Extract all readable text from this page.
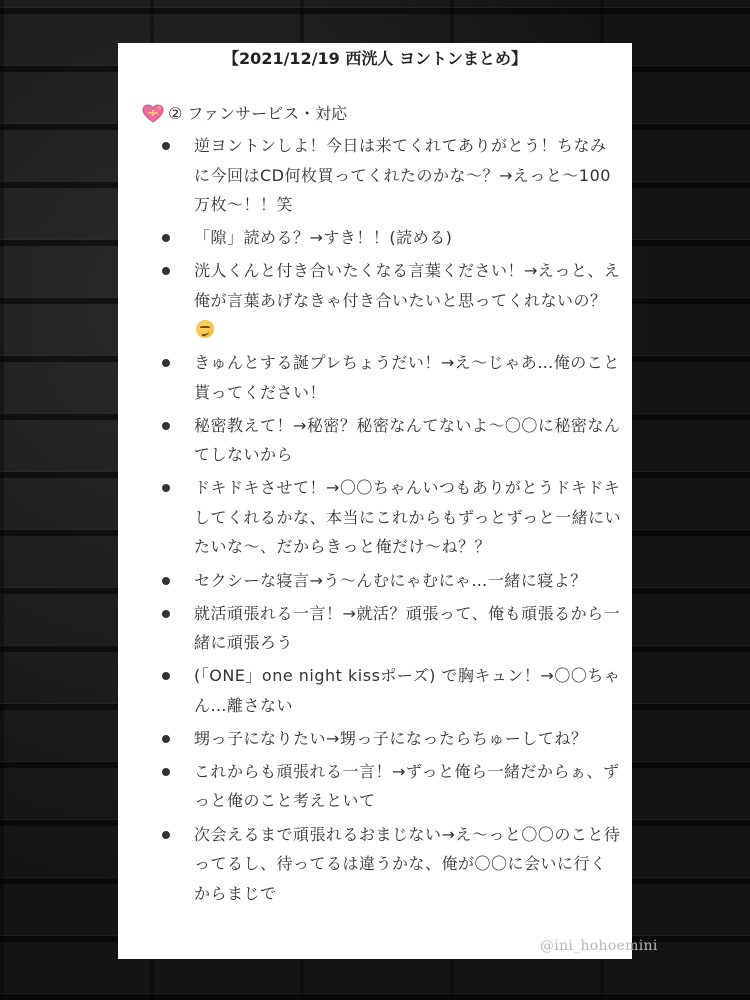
【2021/12/19 西洸人 ヨントンまとめ】
② ファンサービス・対応
逆ヨントンしよ！今日は来てくれてありがとう！ちなみに今回はCD何枚買ってくれたのかな～？→えっと～100万枚～！！笑
「隙」読める？→すき！！(読める)
洸人くんと付き合いたくなる言葉ください！→えっと、え俺が言葉あげなきゃ付き合いたいと思ってくれないの？
きゅんとする誕プレちょうだい！→え～じゃあ…俺のこと貰ってください！
秘密教えて！→秘密？秘密なんてないよ～〇〇に秘密なんてしないから
ドキドキさせて！→〇〇ちゃんいつもありがとうドキドキしてくれるかな、本当にこれからもずっとずっと一緒にいたいな～、だからきっと俺だけ～ね？？
セクシーな寝言→う～んむにゃむにゃ…一緒に寝よ？
就活頑張れる一言！→就活？頑張って、俺も頑張るから一緒に頑張ろう
(「ONE」one night kissポーズ) で胸キュン！→〇〇ちゃん…離さない
甥っ子になりたい→甥っ子になったらちゅーしてね？
これからも頑張れる一言！→ずっと俺ら一緒だからぁ、ずっと俺のこと考えといて
次会えるまで頑張れるおまじない→え～っと〇〇のこと待ってるし、待ってるは違うかな、俺が〇〇に会いに行くからまじで
@ini_hohoemini
